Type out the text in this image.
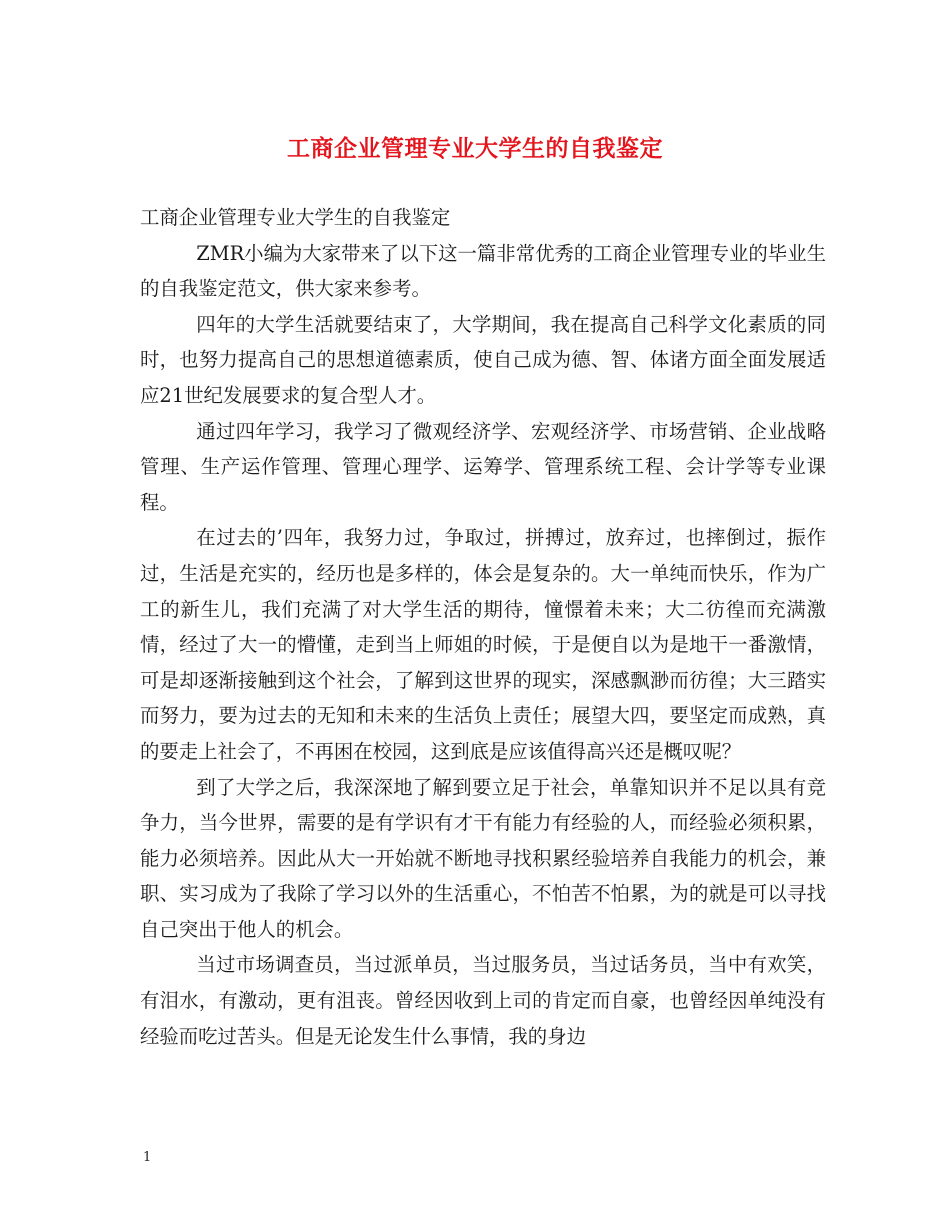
工商企业管理专业大学生的自我鉴定

工商企业管理专业大学生的自我鉴定

ZMR小编为大家带来了以下这一篇非常优秀的工商企业管理专业的毕业生的自我鉴定范文，供大家来参考。

四年的大学生活就要结束了，大学期间，我在提高自己科学文化素质的同时，也努力提高自己的思想道德素质，使自己成为德、智、体诸方面全面发展适应21世纪发展要求的复合型人才。

通过四年学习，我学习了微观经济学、宏观经济学、市场营销、企业战略管理、生产运作管理、管理心理学、运筹学、管理系统工程、会计学等专业课程。

在过去的’四年，我努力过，争取过，拼搏过，放弃过，也摔倒过，振作过，生活是充实的，经历也是多样的，体会是复杂的。大一单纯而快乐，作为广工的新生儿，我们充满了对大学生活的期待，憧憬着未来；大二彷徨而充满激情，经过了大一的懵懂，走到当上师姐的时候，于是便自以为是地干一番激情，可是却逐渐接触到这个社会，了解到这世界的现实，深感飘渺而彷徨；大三踏实而努力，要为过去的无知和未来的生活负上责任；展望大四，要坚定而成熟，真的要走上社会了，不再困在校园，这到底是应该值得高兴还是概叹呢？

到了大学之后，我深深地了解到要立足于社会，单靠知识并不足以具有竞争力，当今世界，需要的是有学识有才干有能力有经验的人，而经验必须积累，能力必须培养。因此从大一开始就不断地寻找积累经验培养自我能力的机会，兼职、实习成为了我除了学习以外的生活重心，不怕苦不怕累，为的就是可以寻找自己突出于他人的机会。

当过市场调查员，当过派单员，当过服务员，当过话务员，当中有欢笑，有泪水，有激动，更有沮丧。曾经因收到上司的肯定而自豪，也曾经因单纯没有经验而吃过苦头。但是无论发生什么事情，我的身边

1
